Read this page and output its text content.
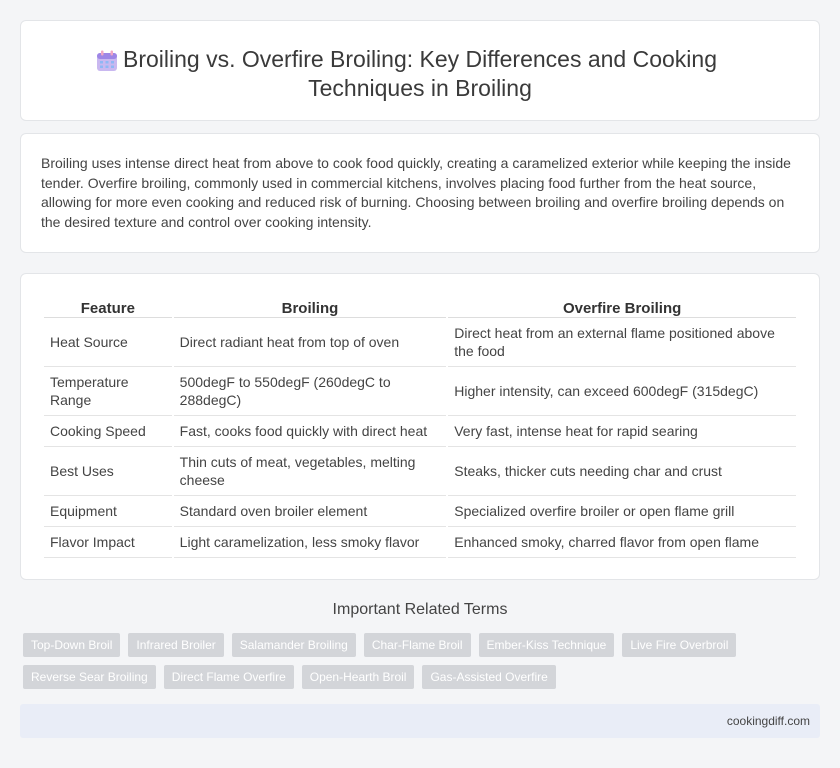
Broiling vs. Overfire Broiling: Key Differences and Cooking Techniques in Broiling

Broiling uses intense direct heat from above to cook food quickly, creating a caramelized exterior while keeping the inside tender. Overfire broiling, commonly used in commercial kitchens, involves placing food further from the heat source, allowing for more even cooking and reduced risk of burning. Choosing between broiling and overfire broiling depends on the desired texture and control over cooking intensity.

Feature	Broiling	Overfire Broiling
Heat Source	Direct radiant heat from top of oven	Direct heat from an external flame positioned above the food
Temperature Range	500degF to 550degF (260degC to 288degC)	Higher intensity, can exceed 600degF (315degC)
Cooking Speed	Fast, cooks food quickly with direct heat	Very fast, intense heat for rapid searing
Best Uses	Thin cuts of meat, vegetables, melting cheese	Steaks, thicker cuts needing char and crust
Equipment	Standard oven broiler element	Specialized overfire broiler or open flame grill
Flavor Impact	Light caramelization, less smoky flavor	Enhanced smoky, charred flavor from open flame
Important Related Terms
Top-Down Broil	Infrared Broiler	Salamander Broiling	Char-Flame Broil	Ember-Kiss Technique	Live Fire Overbroil
Reverse Sear Broiling	Direct Flame Overfire	Open-Hearth Broil	Gas-Assisted Overfire
cookingdiff.com
